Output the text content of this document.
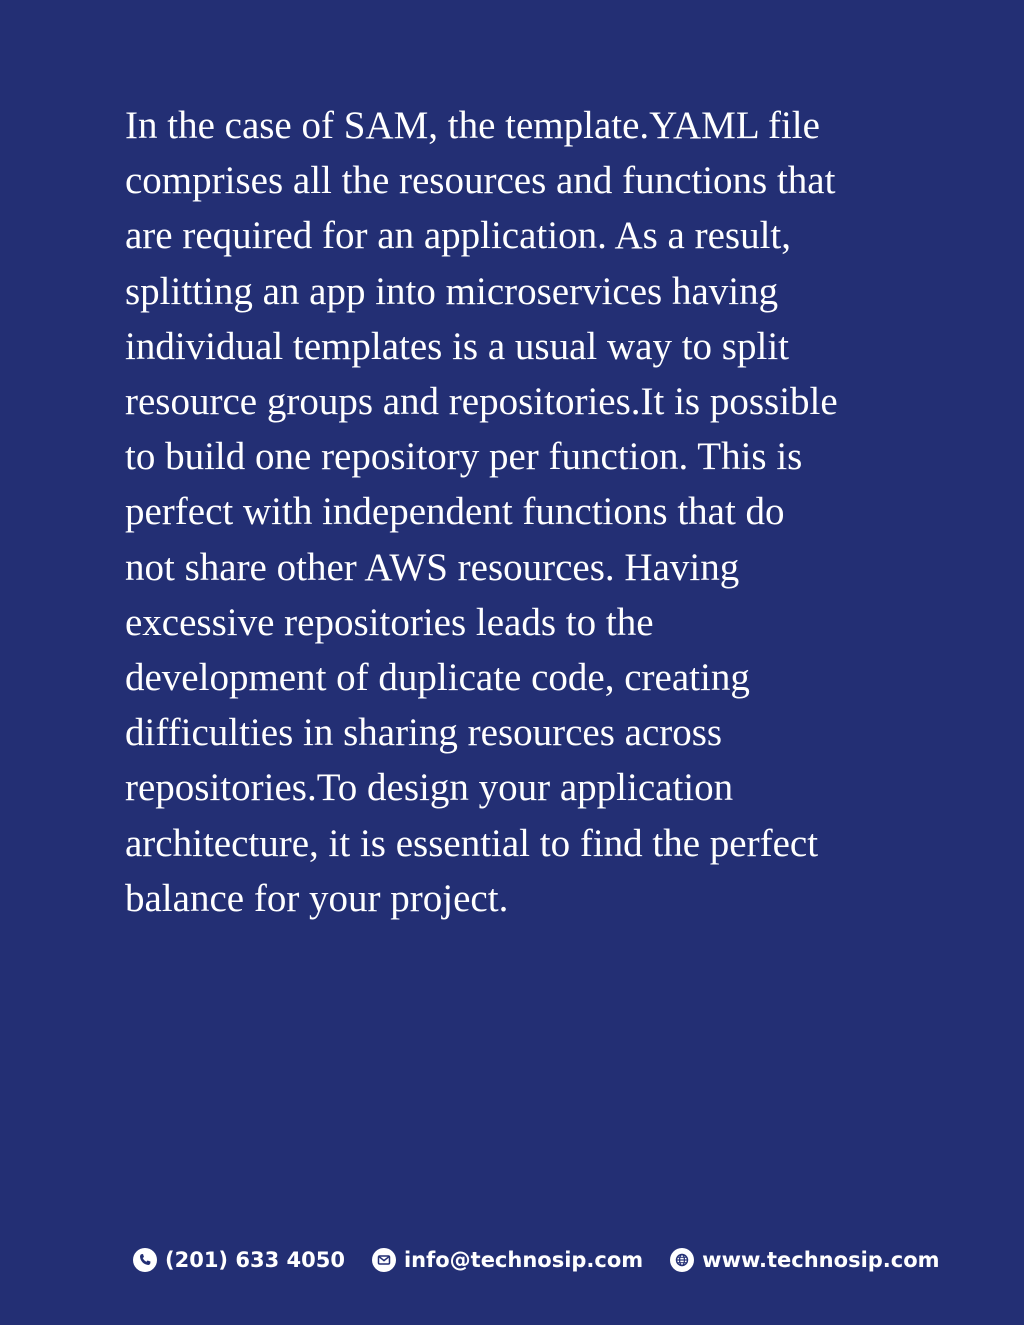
In the case of SAM, the template.YAML file
comprises all the resources and functions that
are required for an application. As a result,
splitting an app into microservices having
individual templates is a usual way to split
resource groups and repositories.It is possible
to build one repository per function. This is
perfect with independent functions that do
not share other AWS resources. Having
excessive repositories leads to the
development of duplicate code, creating
difficulties in sharing resources across
repositories.To design your application
architecture, it is essential to find the perfect
balance for your project.

(201) 633 4050	info@technosip.com	www.technosip.com
